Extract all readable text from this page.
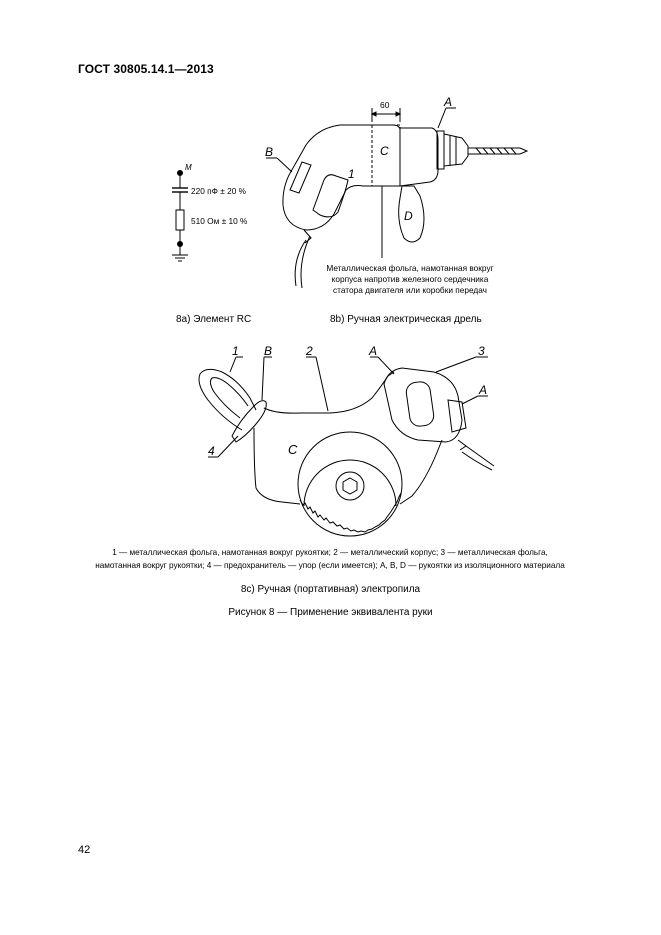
ГОСТ 30805.14.1—2013
M
220 пФ ± 20 %
510 Ом ± 10 %
60	A
B	C
D
1
Металлическая фольга, намотанная вокруг
корпуса напротив железного сердечника
статора двигателя или коробки передач
8a) Элемент RC	8b) Ручная электрическая дрель
1 B	2	A	3
A
4	C
1 — металлическая фольга, намотанная вокруг рукоятки; 2 — металлический корпус; 3 — металлическая фольга,
намотанная вокруг рукоятки; 4 — предохранитель — упор (если имеется); A, B, D — рукоятки из изоляционного материала
8c) Ручная (портативная) электропила
Рисунок 8 — Применение эквивалента руки
42
